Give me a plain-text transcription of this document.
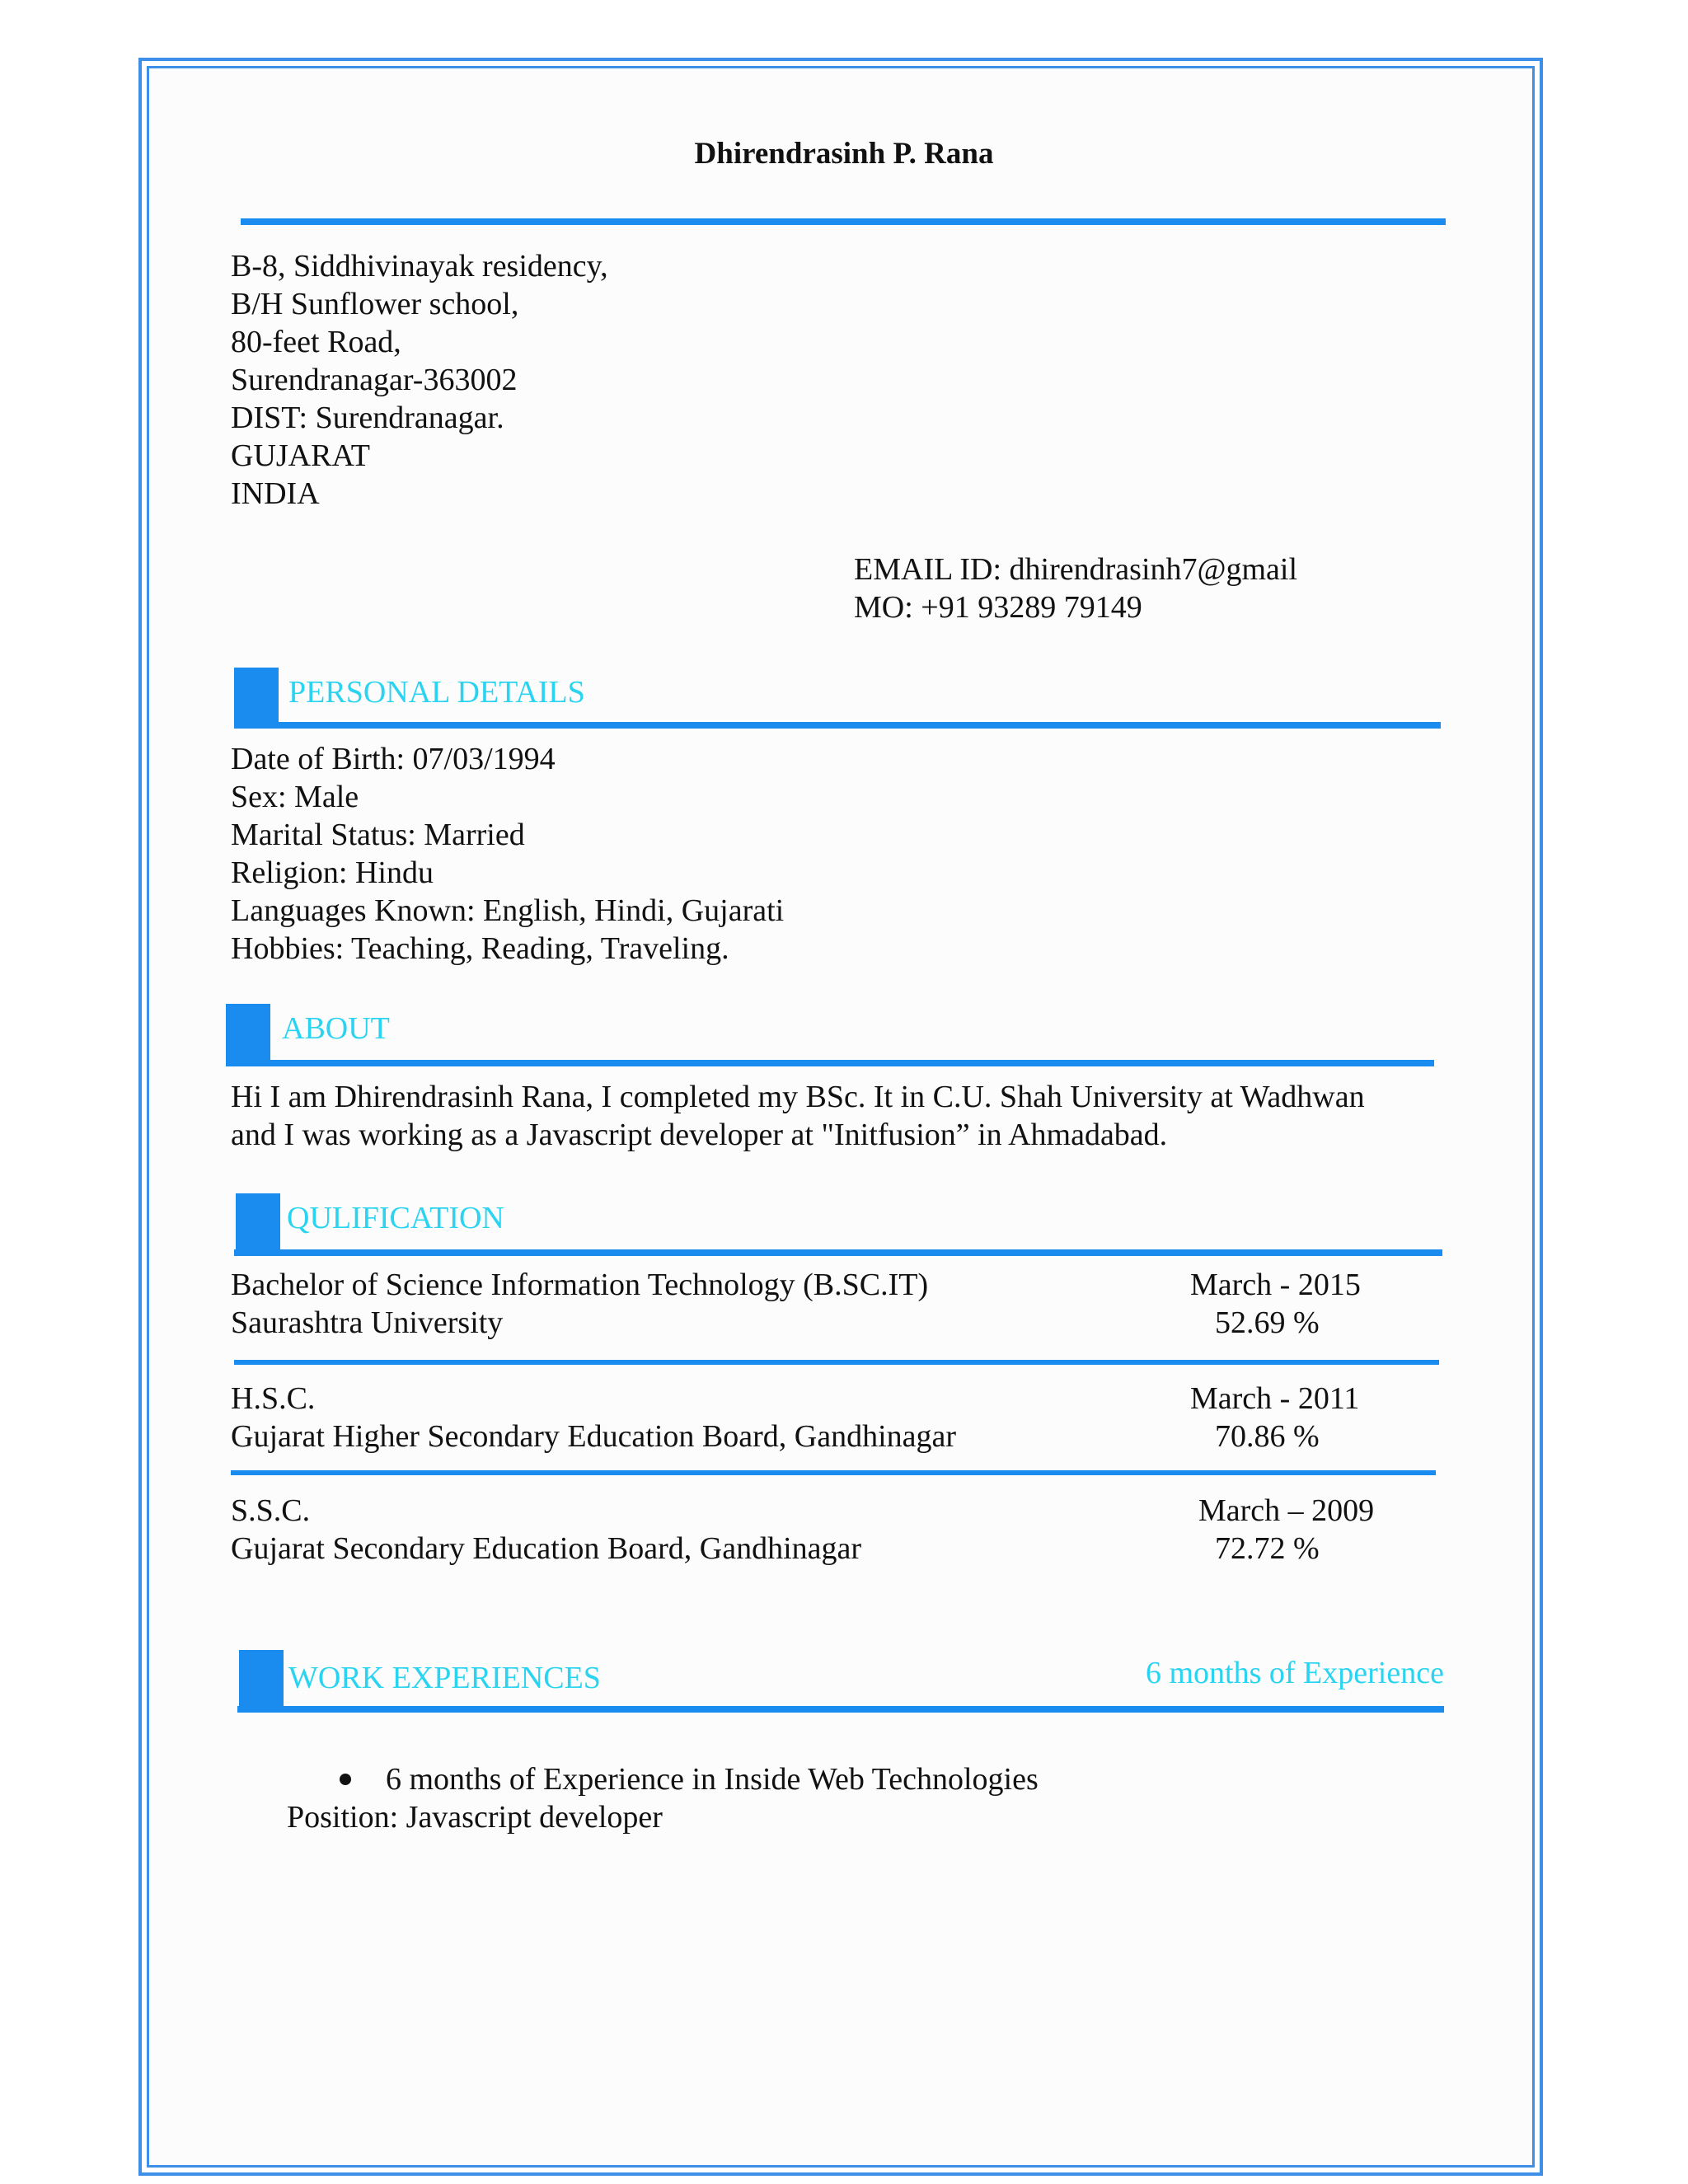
Dhirendrasinh P. Rana
B-8, Siddhivinayak residency,
B/H Sunflower school,
80-feet Road,
Surendranagar-363002
DIST: Surendranagar.
GUJARAT
INDIA
EMAIL ID: dhirendrasinh7@gmail
MO: +91 93289 79149
PERSONAL DETAILS
Date of Birth: 07/03/1994
Sex: Male
Marital Status: Married
Religion: Hindu
Languages Known: English, Hindi, Gujarati
Hobbies: Teaching, Reading, Traveling.
ABOUT
Hi I am Dhirendrasinh Rana, I completed my BSc. It in C.U. Shah University at Wadhwan
and I was working as a Javascript developer at "Initfusion” in Ahmadabad.
QULIFICATION
Bachelor of Science Information Technology (B.SC.IT)
Saurashtra University
March - 2015
52.69 %
H.S.C.
Gujarat Higher Secondary Education Board, Gandhinagar
March - 2011
70.86 %
S.S.C.
Gujarat Secondary Education Board, Gandhinagar
March – 2009
72.72 %
WORK EXPERIENCES	6 months of Experience
6 months of Experience in Inside Web Technologies
Position: Javascript developer
